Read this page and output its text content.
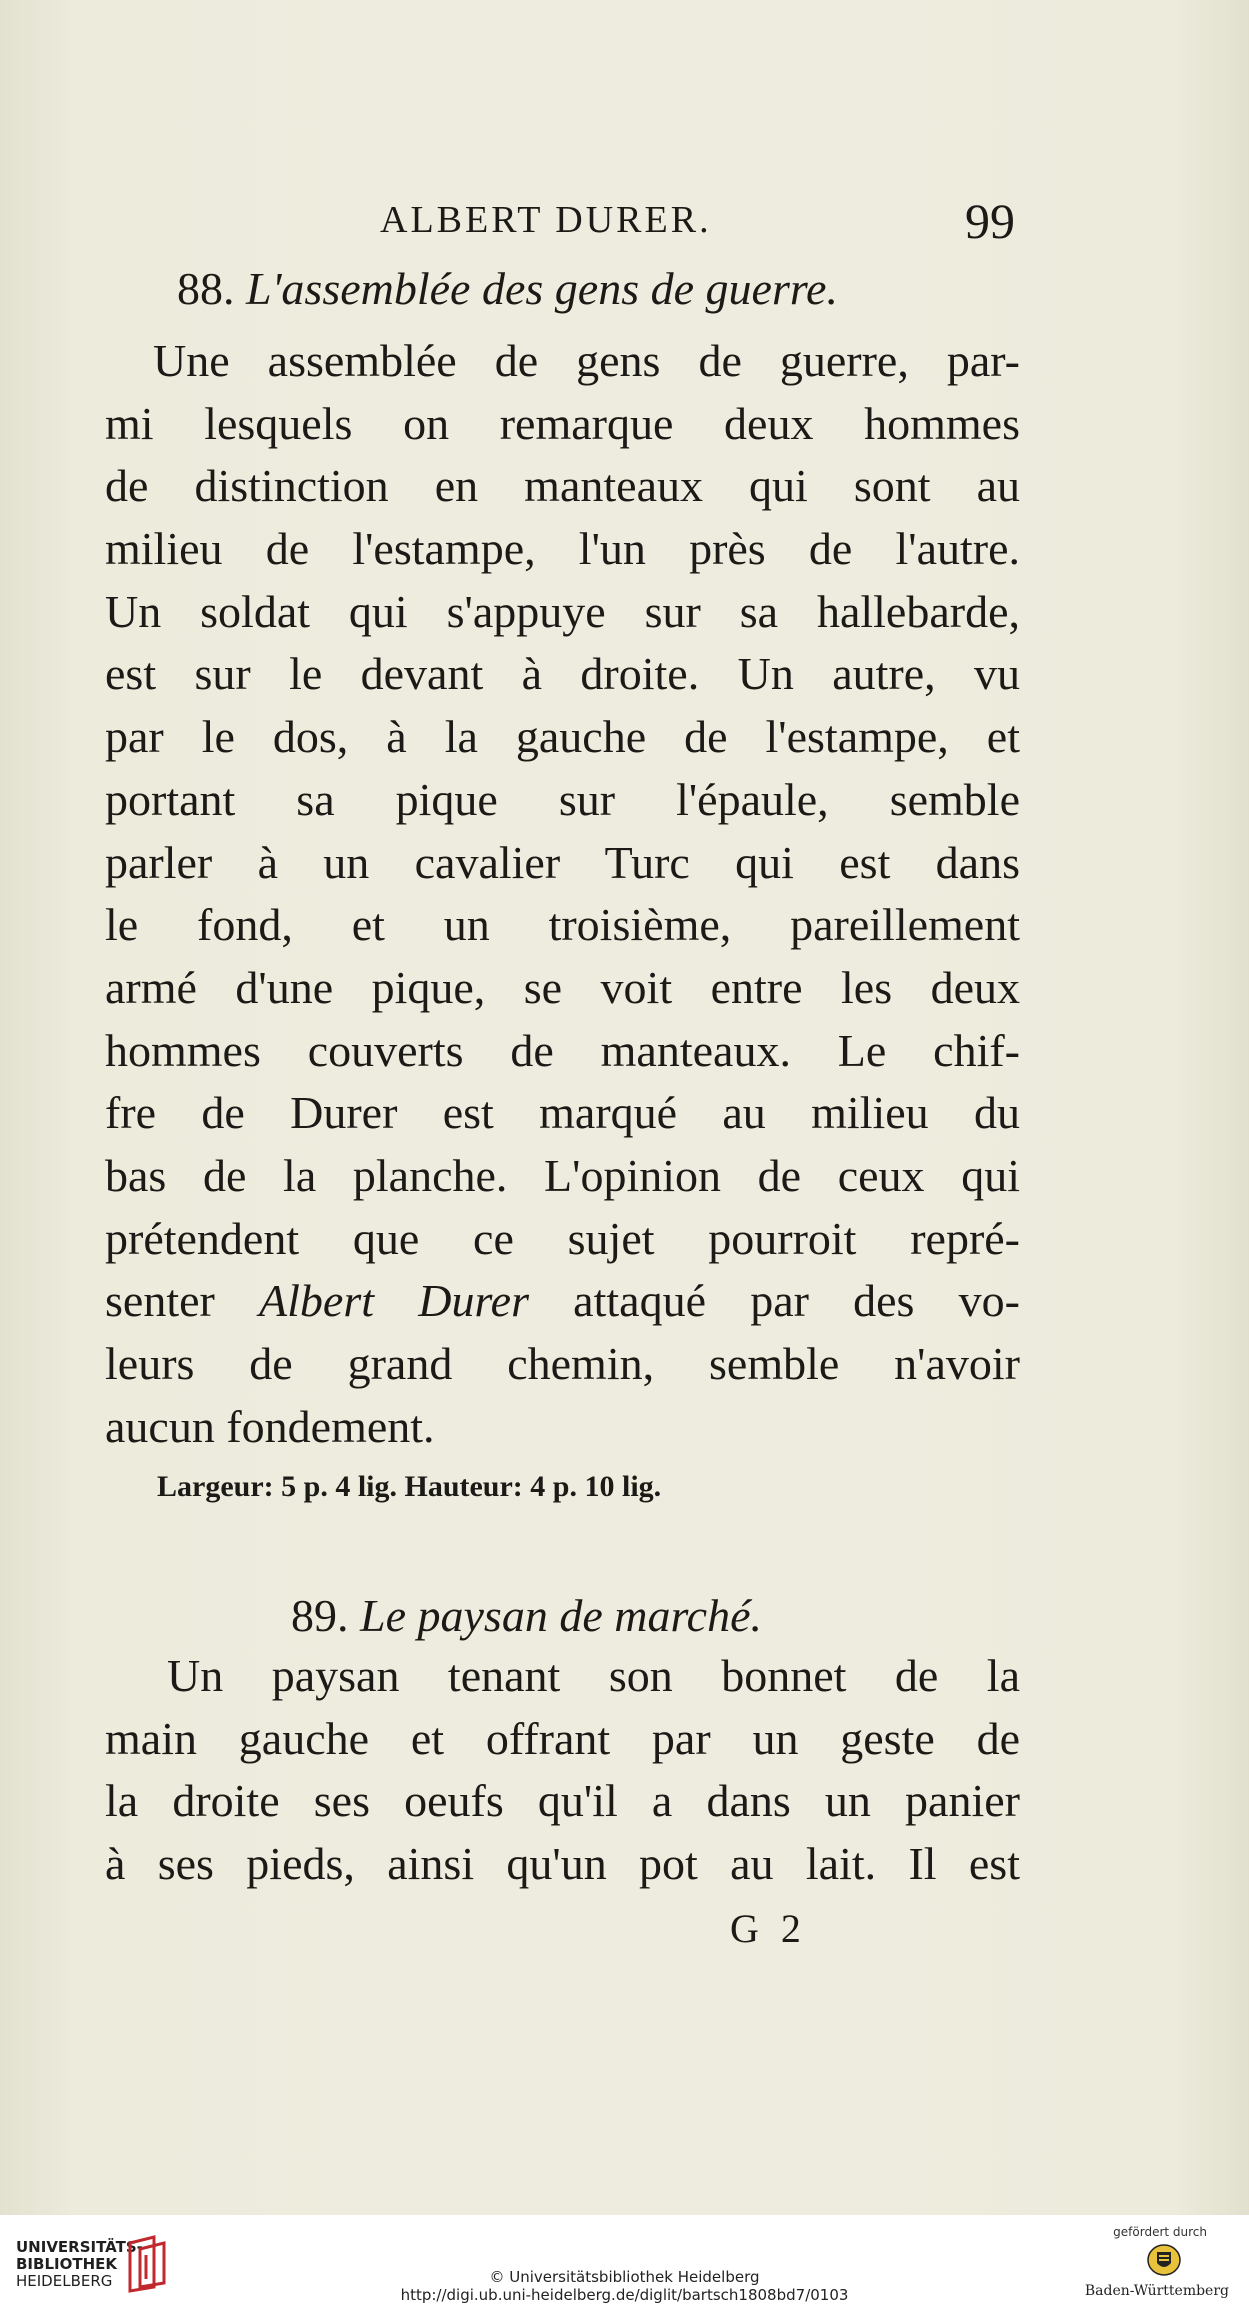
ALBERT DURER.	99
88. L'assemblée des gens de guerre.
Une assemblée de gens de guerre, par-
mi lesquels on remarque deux hommes
de distinction en manteaux qui sont au
milieu de l'estampe, l'un près de l'autre.
Un soldat qui s'appuye sur sa hallebarde,
est sur le devant à droite. Un autre, vu
par le dos, à la gauche de l'estampe, et
portant sa pique sur l'épaule, semble
parler à un cavalier Turc qui est dans
le fond, et un troisième, pareillement
armé d'une pique, se voit entre les deux
hommes couverts de manteaux. Le chif-
fre de Durer est marqué au milieu du
bas de la planche. L'opinion de ceux qui
prétendent que ce sujet pourroit repré-
senter Albert Durer attaqué par des vo-
leurs de grand chemin, semble n'avoir
aucun fondement.
Largeur: 5 p. 4 lig. Hauteur: 4 p. 10 lig.
89. Le paysan de marché.
Un paysan tenant son bonnet de la
main gauche et offrant par un geste de
la droite ses oeufs qu'il a dans un panier
à ses pieds, ainsi qu'un pot au lait. Il est
G 2
UNIVERSITÄTS-
BIBLIOTHEK
HEIDELBERG	© Universitätsbibliothek Heidelberg
http://digi.ub.uni-heidelberg.de/diglit/bartsch1808bd7/0103
gefördert durch
Baden-Württemberg
